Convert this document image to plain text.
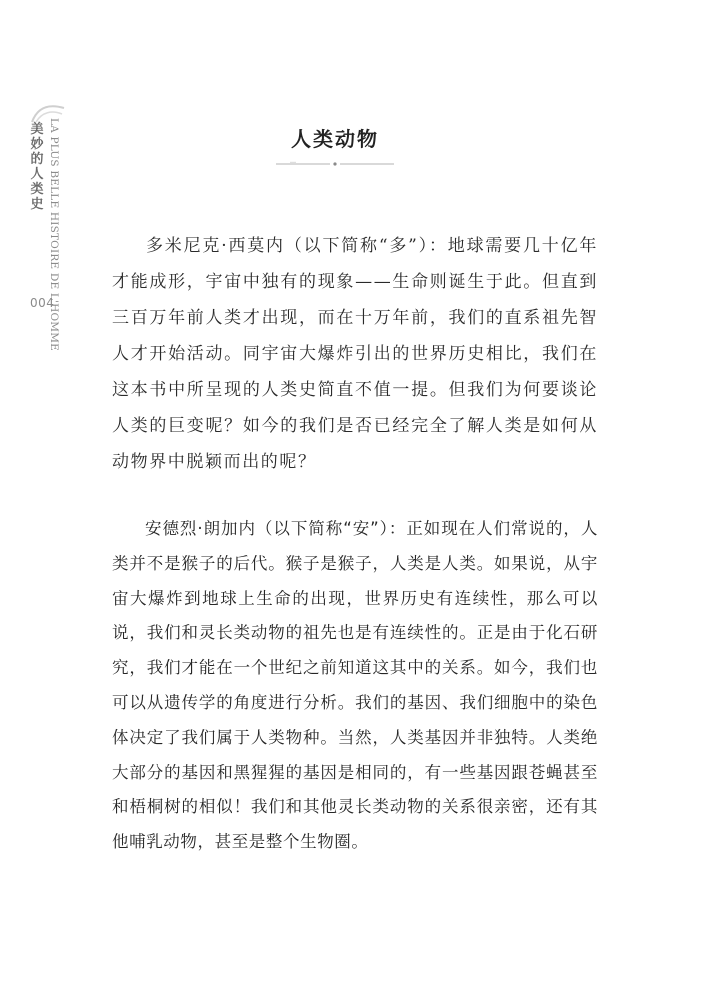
美妙的人类史 LA PLUS BELLE HISTOIRE DE L'HOMME
004
人类动物

多米尼克·西莫内（以下简称“多”）：地球需要几十亿年才能成形，宇宙中独有的现象——生命则诞生于此。但直到三百万年前人类才出现，而在十万年前，我们的直系祖先智人才开始活动。同宇宙大爆炸引出的世界历史相比，我们在这本书中所呈现的人类史简直不值一提。但我们为何要谈论人类的巨变呢？如今的我们是否已经完全了解人类是如何从动物界中脱颖而出的呢？

安德烈·朗加内（以下简称“安”）：正如现在人们常说的，人类并不是猴子的后代。猴子是猴子，人类是人类。如果说，从宇宙大爆炸到地球上生命的出现，世界历史有连续性，那么可以说，我们和灵长类动物的祖先也是有连续性的。正是由于化石研究，我们才能在一个世纪之前知道这其中的关系。如今，我们也可以从遗传学的角度进行分析。我们的基因、我们细胞中的染色体决定了我们属于人类物种。当然，人类基因并非独特。人类绝大部分的基因和黑猩猩的基因是相同的，有一些基因跟苍蝇甚至和梧桐树的相似！我们和其他灵长类动物的关系很亲密，还有其他哺乳动物，甚至是整个生物圈。
